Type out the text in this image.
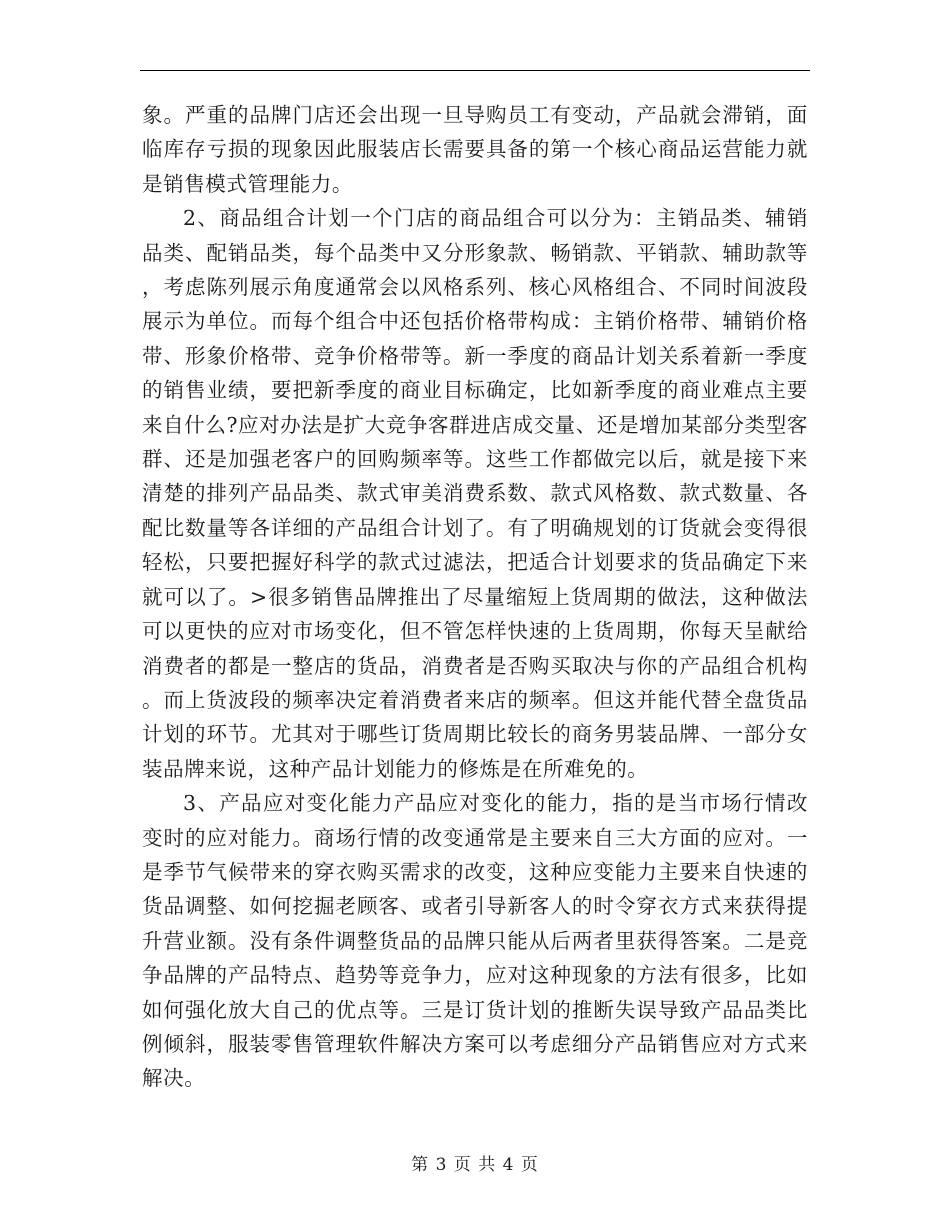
象。严重的品牌门店还会出现一旦导购员工有变动，产品就会滞销，面临库存亏损的现象因此服装店长需要具备的第一个核心商品运营能力就是销售模式管理能力。

2、商品组合计划一个门店的商品组合可以分为：主销品类、辅销品类、配销品类，每个品类中又分形象款、畅销款、平销款、辅助款等，考虑陈列展示角度通常会以风格系列、核心风格组合、不同时间波段展示为单位。而每个组合中还包括价格带构成：主销价格带、辅销价格带、形象价格带、竞争价格带等。新一季度的商品计划关系着新一季度的销售业绩，要把新季度的商业目标确定，比如新季度的商业难点主要来自什么?应对办法是扩大竞争客群进店成交量、还是增加某部分类型客群、还是加强老客户的回购频率等。这些工作都做完以后，就是接下来清楚的排列产品品类、款式审美消费系数、款式风格数、款式数量、各配比数量等各详细的产品组合计划了。有了明确规划的订货就会变得很轻松，只要把握好科学的款式过滤法，把适合计划要求的货品确定下来就可以了。>很多销售品牌推出了尽量缩短上货周期的做法，这种做法可以更快的应对市场变化，但不管怎样快速的上货周期，你每天呈献给消费者的都是一整店的货品，消费者是否购买取决与你的产品组合机构。而上货波段的频率决定着消费者来店的频率。但这并能代替全盘货品计划的环节。尤其对于哪些订货周期比较长的商务男装品牌、一部分女装品牌来说，这种产品计划能力的修炼是在所难免的。

3、产品应对变化能力产品应对变化的能力，指的是当市场行情改变时的应对能力。商场行情的改变通常是主要来自三大方面的应对。一是季节气候带来的穿衣购买需求的改变，这种应变能力主要来自快速的货品调整、如何挖掘老顾客、或者引导新客人的时令穿衣方式来获得提升营业额。没有条件调整货品的品牌只能从后两者里获得答案。二是竞争品牌的产品特点、趋势等竞争力，应对这种现象的方法有很多，比如如何强化放大自己的优点等。三是订货计划的推断失误导致产品品类比例倾斜，服装零售管理软件解决方案可以考虑细分产品销售应对方式来解决。

第 3 页 共 4 页
